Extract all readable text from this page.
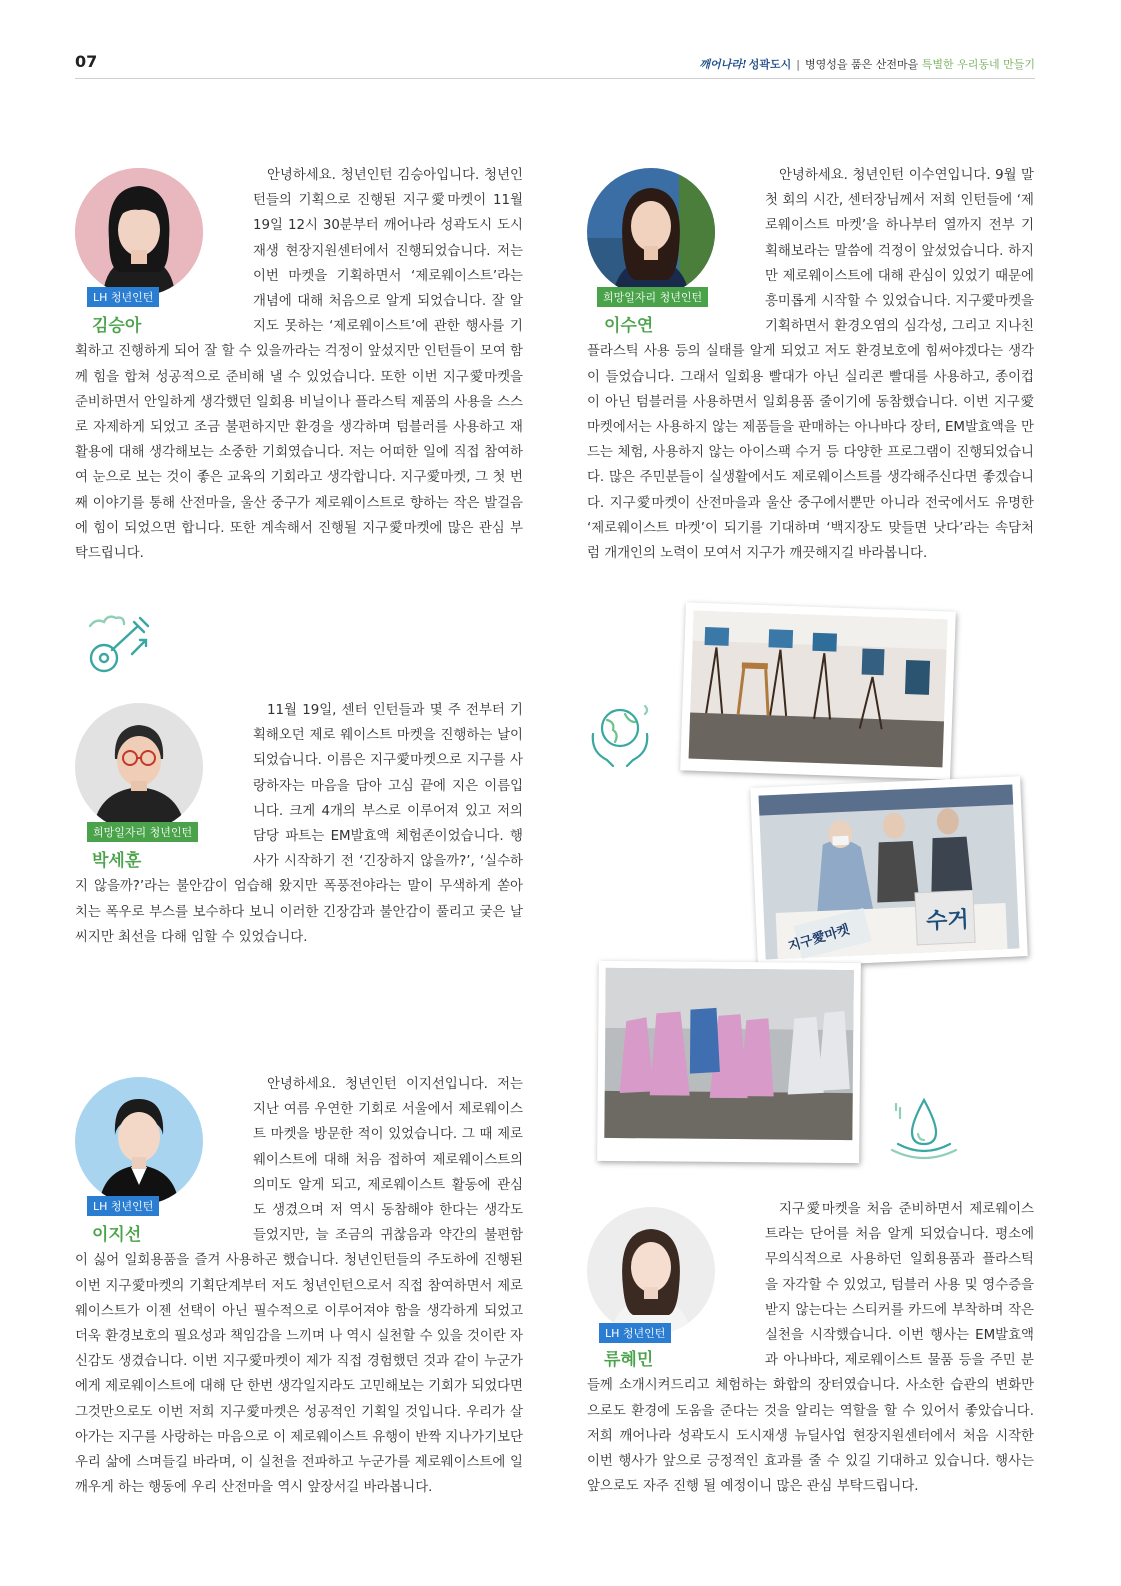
07	깨어나라! 성곽도시 | 병영성을 품은 산전마을 특별한 우리동네 만들기
LH 청년인턴
김승아
안녕하세요. 청년인턴 김승아입니다. 청년인턴들의 기획으로 진행된 지구愛마켓이 11월 19일 12시 30분부터 깨어나라 성곽도시 도시재생 현장지원센터에서 진행되었습니다. 저는 이번 마켓을 기획하면서 ‘제로웨이스트’라는 개념에 대해 처음으로 알게 되었습니다. 잘 알지도 못하는 ‘제로웨이스트’에 관한 행사를 기획하고 진행하게 되어 잘 할 수 있을까라는 걱정이 앞섰지만 인턴들이 모여 함께 힘을 합쳐 성공적으로 준비해 낼 수 있었습니다. 또한 이번 지구愛마켓을 준비하면서 안일하게 생각했던 일회용 비닐이나 플라스틱 제품의 사용을 스스로 자제하게 되었고 조금 불편하지만 환경을 생각하며 텀블러를 사용하고 재활용에 대해 생각해보는 소중한 기회였습니다. 저는 어떠한 일에 직접 참여하여 눈으로 보는 것이 좋은 교육의 기회라고 생각합니다. 지구愛마켓, 그 첫 번째 이야기를 통해 산전마을, 울산 중구가 제로웨이스트로 향하는 작은 발걸음에 힘이 되었으면 합니다. 또한 계속해서 진행될 지구愛마켓에 많은 관심 부탁드립니다.
희망일자리 청년인턴
이수연
안녕하세요. 청년인턴 이수연입니다. 9월 말 첫 회의 시간, 센터장님께서 저희 인턴들에 ‘제로웨이스트 마켓’을 하나부터 열까지 전부 기획해보라는 말씀에 걱정이 앞섰었습니다. 하지만 제로웨이스트에 대해 관심이 있었기 때문에 흥미롭게 시작할 수 있었습니다. 지구愛마켓을 기획하면서 환경오염의 심각성, 그리고 지나친 플라스틱 사용 등의 실태를 알게 되었고 저도 환경보호에 힘써야겠다는 생각이 들었습니다. 그래서 일회용 빨대가 아닌 실리콘 빨대를 사용하고, 종이컵이 아닌 텀블러를 사용하면서 일회용품 줄이기에 동참했습니다. 이번 지구愛마켓에서는 사용하지 않는 제품들을 판매하는 아나바다 장터, EM발효액을 만드는 체험, 사용하지 않는 아이스팩 수거 등 다양한 프로그램이 진행되었습니다. 많은 주민분들이 실생활에서도 제로웨이스트를 생각해주신다면 좋겠습니다. 지구愛마켓이 산전마을과 울산 중구에서뿐만 아니라 전국에서도 유명한 ‘제로웨이스트 마켓’이 되기를 기대하며 ‘백지장도 맞들면 낫다’라는 속담처럼 개개인의 노력이 모여서 지구가 깨끗해지길 바라봅니다.
희망일자리 청년인턴
박세훈
11월 19일, 센터 인턴들과 몇 주 전부터 기획해오던 제로 웨이스트 마켓을 진행하는 날이 되었습니다. 이름은 지구愛마켓으로 지구를 사랑하자는 마음을 담아 고심 끝에 지은 이름입니다. 크게 4개의 부스로 이루어져 있고 저의 담당 파트는 EM발효액 체험존이었습니다. 행사가 시작하기 전 ‘긴장하지 않을까?’, ‘실수하지 않을까?’라는 불안감이 엄습해 왔지만 폭풍전야라는 말이 무색하게 쏟아 치는 폭우로 부스를 보수하다 보니 이러한 긴장감과 불안감이 풀리고 궂은 날씨지만 최선을 다해 임할 수 있었습니다.	지구愛마켓
수거
LH 청년인턴
이지선
안녕하세요. 청년인턴 이지선입니다. 저는 지난 여름 우연한 기회로 서울에서 제로웨이스트 마켓을 방문한 적이 있었습니다. 그 때 제로웨이스트에 대해 처음 접하여 제로웨이스트의 의미도 알게 되고, 제로웨이스트 활동에 관심도 생겼으며 저 역시 동참해야 한다는 생각도 들었지만, 늘 조금의 귀찮음과 약간의 불편함이 싫어 일회용품을 즐겨 사용하곤 했습니다. 청년인턴들의 주도하에 진행된 이번 지구愛마켓의 기획단계부터 저도 청년인턴으로서 직접 참여하면서 제로웨이스트가 이젠 선택이 아닌 필수적으로 이루어져야 함을 생각하게 되었고 더욱 환경보호의 필요성과 책임감을 느끼며 나 역시 실천할 수 있을 것이란 자신감도 생겼습니다. 이번 지구愛마켓이 제가 직접 경험했던 것과 같이 누군가에게 제로웨이스트에 대해 단 한번 생각일지라도 고민해보는 기회가 되었다면 그것만으로도 이번 저희 지구愛마켓은 성공적인 기획일 것입니다. 우리가 살아가는 지구를 사랑하는 마음으로 이 제로웨이스트 유행이 반짝 지나가기보단 우리 삶에 스며들길 바라며, 이 실천을 전파하고 누군가를 제로웨이스트에 일깨우게 하는 행동에 우리 산전마을 역시 앞장서길 바라봅니다.
LH 청년인턴
류혜민
지구愛마켓을 처음 준비하면서 제로웨이스트라는 단어를 처음 알게 되었습니다. 평소에 무의식적으로 사용하던 일회용품과 플라스틱을 자각할 수 있었고, 텀블러 사용 및 영수증을 받지 않는다는 스티커를 카드에 부착하며 작은 실천을 시작했습니다. 이번 행사는 EM발효액과 아나바다, 제로웨이스트 물품 등을 주민 분들께 소개시켜드리고 체험하는 화합의 장터였습니다. 사소한 습관의 변화만으로도 환경에 도움을 준다는 것을 알리는 역할을 할 수 있어서 좋았습니다. 저희 깨어나라 성곽도시 도시재생 뉴딜사업 현장지원센터에서 처음 시작한 이번 행사가 앞으로 긍정적인 효과를 줄 수 있길 기대하고 있습니다. 행사는 앞으로도 자주 진행 될 예정이니 많은 관심 부탁드립니다.
